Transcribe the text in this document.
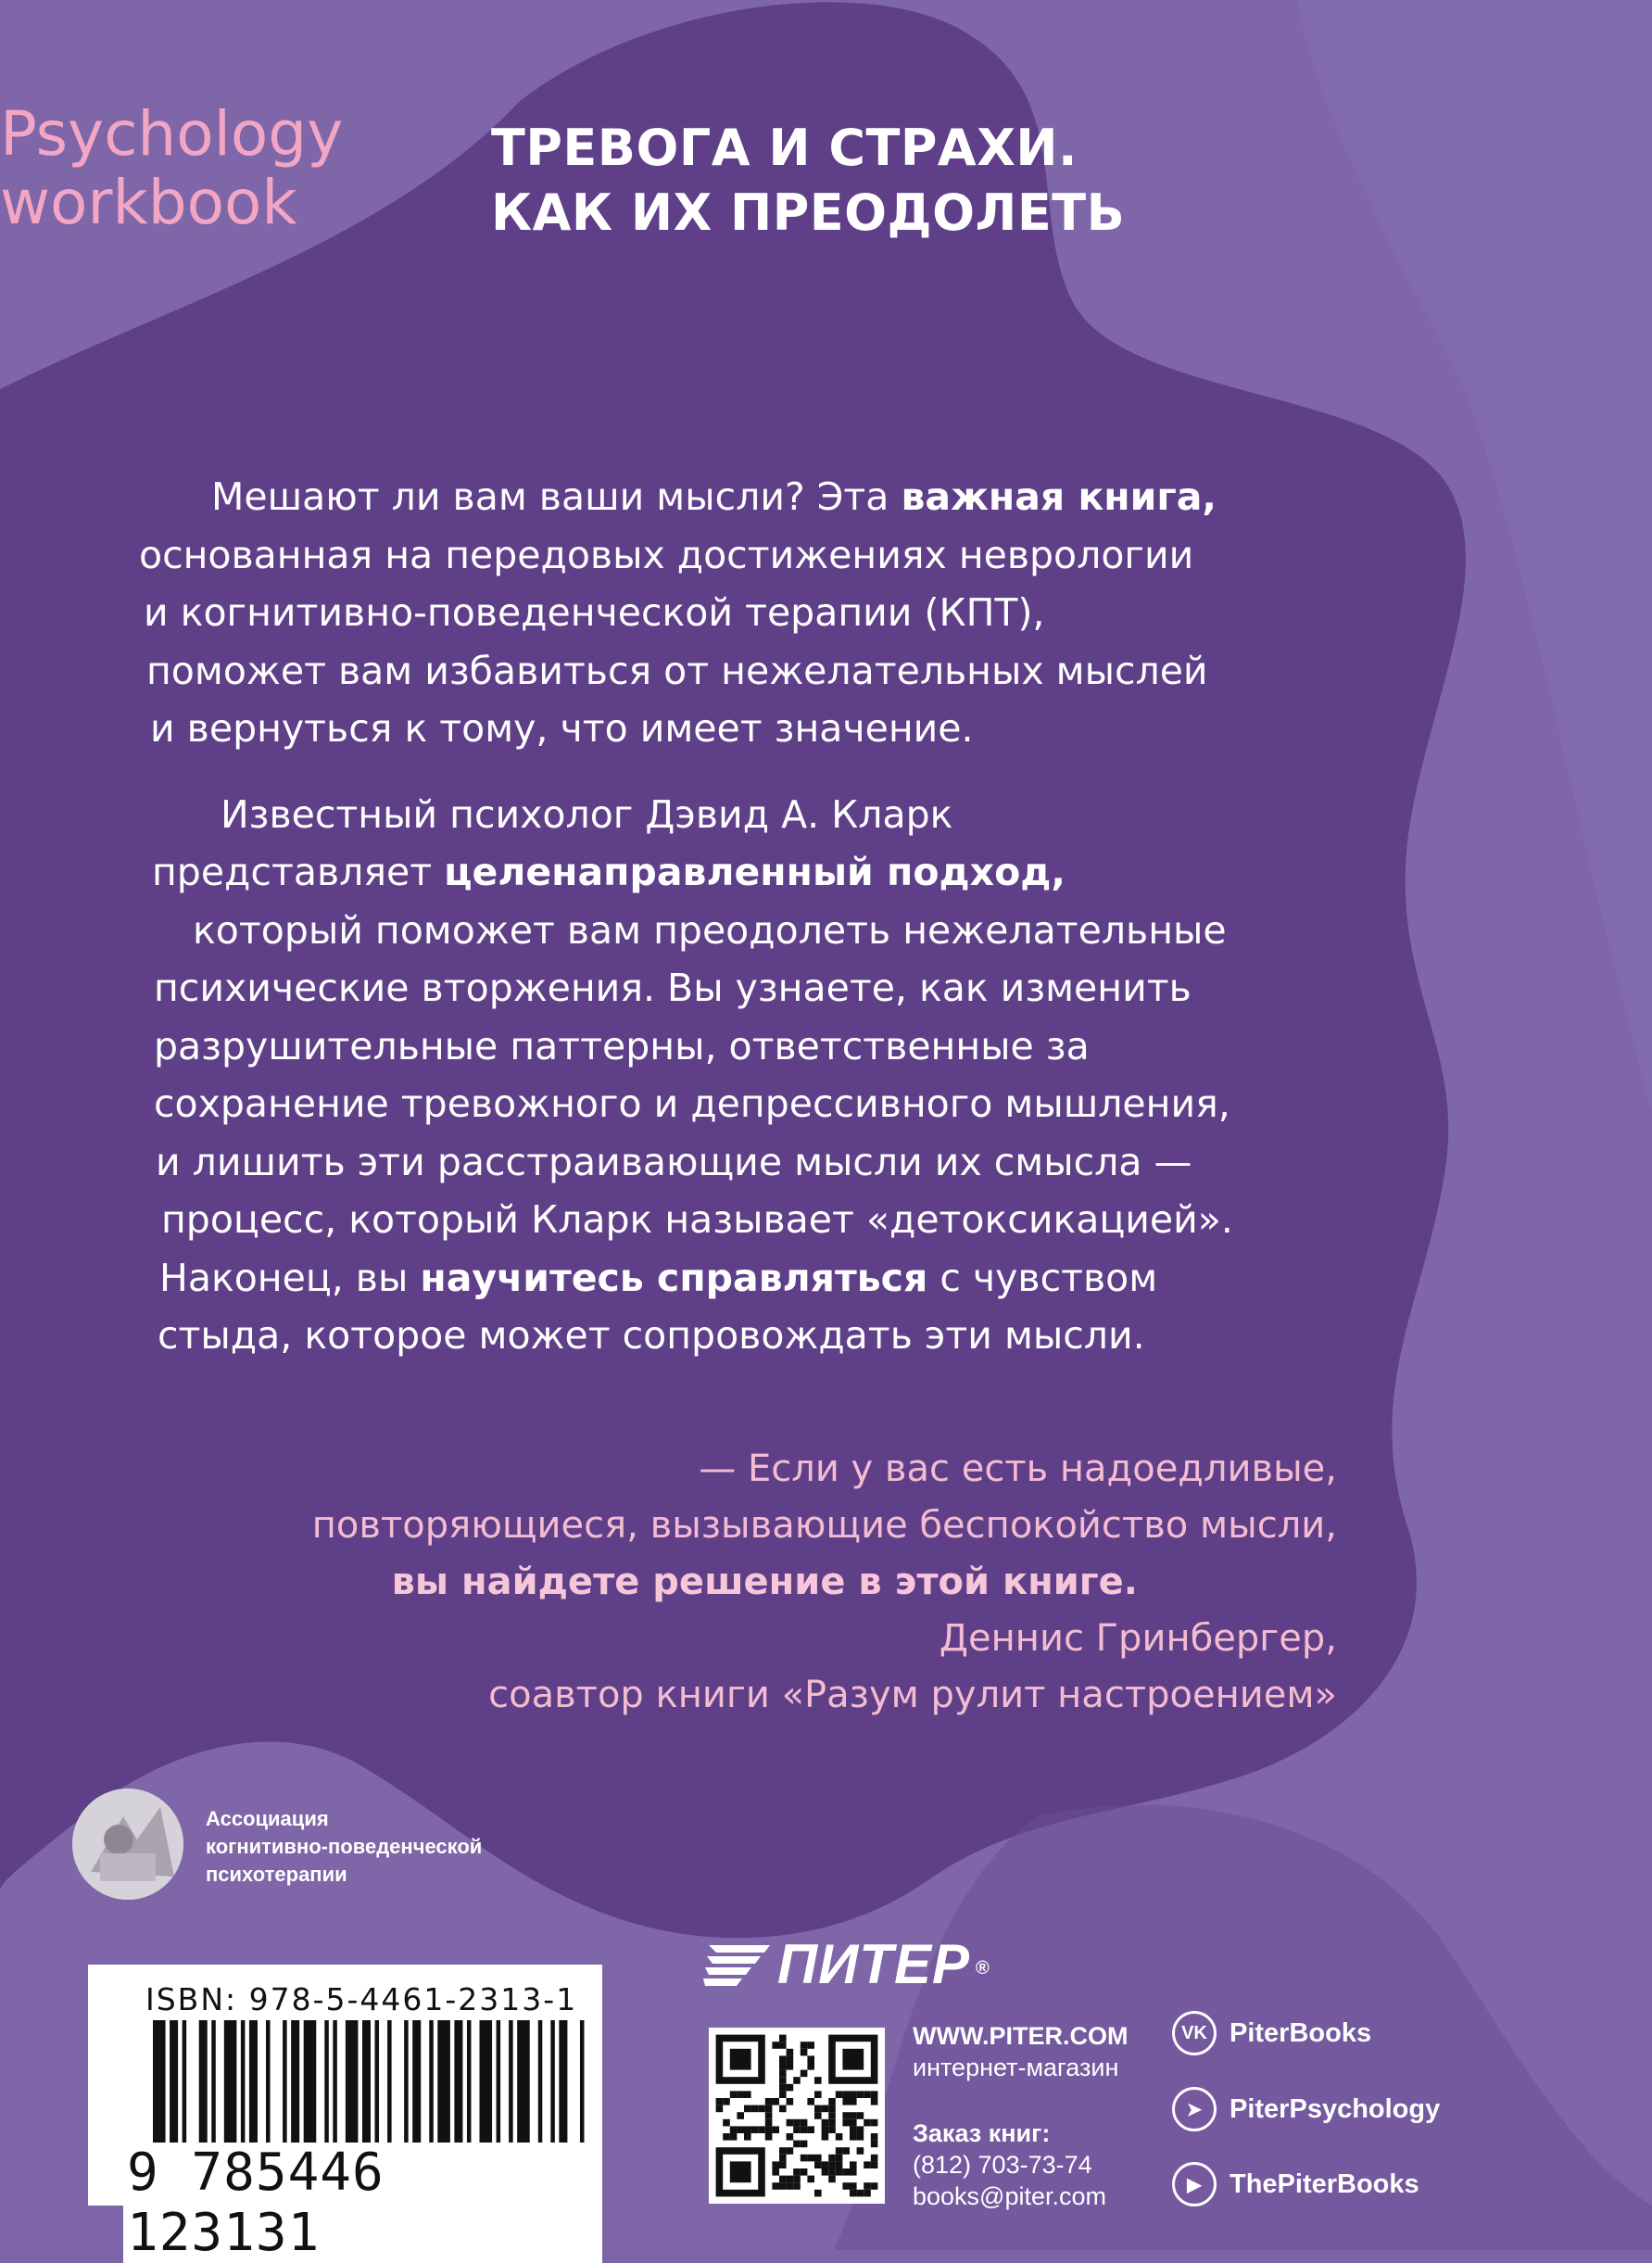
Psychology
workbook
ТРЕВОГА И СТРАХИ.
КАК ИХ ПРЕОДОЛЕТЬ
Мешают ли вам ваши мысли? Эта важная книга,
основанная на передовых достижениях неврологии
и когнитивно-поведенческой терапии (КПТ),
поможет вам избавиться от нежелательных мыслей
и вернуться к тому, что имеет значение.
Известный психолог Дэвид А. Кларк
представляет целенаправленный подход,
который поможет вам преодолеть нежелательные
психические вторжения. Вы узнаете, как изменить
разрушительные паттерны, ответственные за
сохранение тревожного и депрессивного мышления,
и лишить эти расстраивающие мысли их смысла —
процесс, который Кларк называет «детоксикацией».
Наконец, вы научитесь справляться с чувством
стыда, которое может сопровождать эти мысли.
— Если у вас есть надоедливые,
повторяющиеся, вызывающие беспокойство мысли,
вы найдете решение в этой книге.
Деннис Гринбергер,
соавтор книги «Разум рулит настроением»
Ассоциация
когнитивно-поведенческой
психотерапии
ISBN: 978-5-4461-2313-1
9 785446 123131
ПИТЕР ®
WWW.PITER.COM
интернет-магазин
Заказ книг:
(812) 703-73-74
books@piter.com
VK PiterBooks
➤	PiterPsychology
▶	ThePiterBooks
